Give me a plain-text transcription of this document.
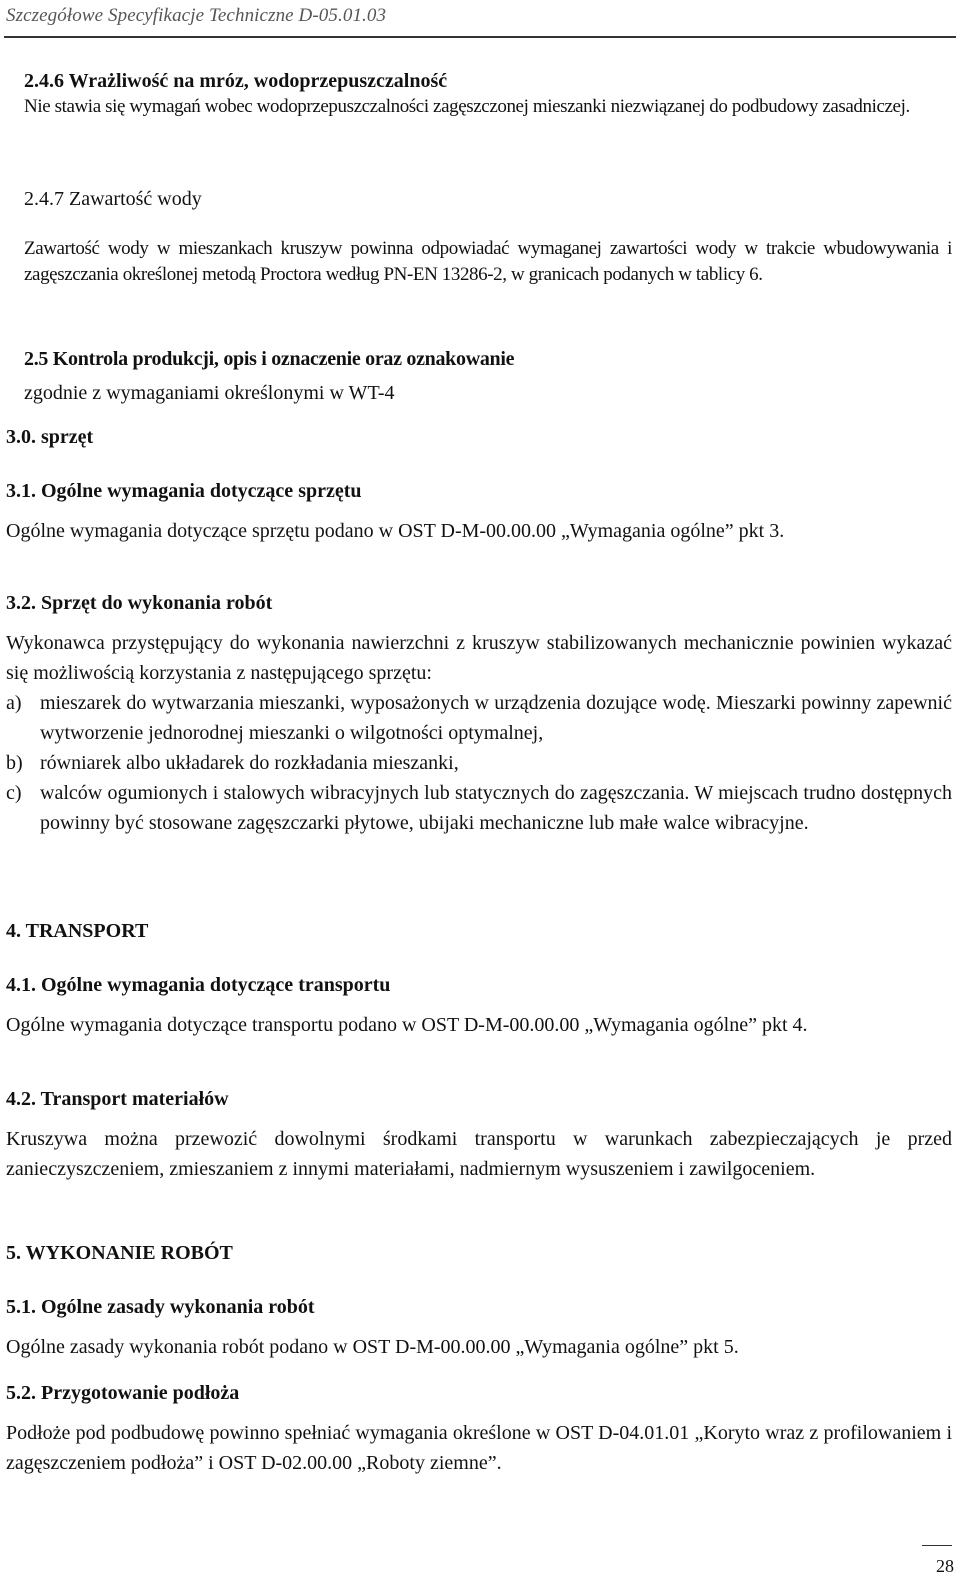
Szczegółowe Specyfikacje Techniczne D-05.01.03

2.4.6 Wrażliwość na mróz, wodoprzepuszczalność

Nie stawia się wymagań wobec wodoprzepuszczalności zagęszczonej mieszanki niezwiązanej do podbudowy zasadniczej.

2.4.7 Zawartość wody

Zawartość wody w mieszankach kruszyw powinna odpowiadać wymaganej zawartości wody w trakcie wbudowywania i zagęszczania określonej metodą Proctora według PN-EN 13286-2, w granicach podanych w tablicy 6.

2.5 Kontrola produkcji, opis i oznaczenie oraz oznakowanie

zgodnie z wymaganiami określonymi w WT-4

3.0. sprzęt

3.1. Ogólne wymagania dotyczące sprzętu

Ogólne wymagania dotyczące sprzętu podano w OST D-M-00.00.00 „Wymagania ogólne” pkt 3.

3.2. Sprzęt do wykonania robót

Wykonawca przystępujący do wykonania nawierzchni z kruszyw stabilizowanych mechanicznie powinien wykazać się możliwością korzystania z następującego sprzętu:

a) mieszarek do wytwarzania mieszanki, wyposażonych w urządzenia dozujące wodę. Mieszarki powinny zapewnić wytworzenie jednorodnej mieszanki o wilgotności optymalnej,
b) równiarek albo układarek do rozkładania mieszanki,
c) walców ogumionych i stalowych wibracyjnych lub statycznych do zagęszczania. W miejscach trudno dostępnych powinny być stosowane zagęszczarki płytowe, ubijaki mechaniczne lub małe walce wibracyjne.

4. TRANSPORT

4.1. Ogólne wymagania dotyczące transportu

Ogólne wymagania dotyczące transportu podano w OST D-M-00.00.00 „Wymagania ogólne” pkt 4.

4.2. Transport materiałów

Kruszywa można przewozić dowolnymi środkami transportu w warunkach zabezpieczających je przed zanieczyszczeniem, zmieszaniem z innymi materiałami, nadmiernym wysuszeniem i zawilgoceniem.

5. WYKONANIE ROBÓT

5.1. Ogólne zasady wykonania robót

Ogólne zasady wykonania robót podano w OST D-M-00.00.00 „Wymagania ogólne” pkt 5.

5.2. Przygotowanie podłoża

Podłoże pod podbudowę powinno spełniać wymagania określone w OST D-04.01.01 „Koryto wraz z profilowaniem i zagęszczeniem podłoża” i OST D-02.00.00 „Roboty ziemne”.

28
